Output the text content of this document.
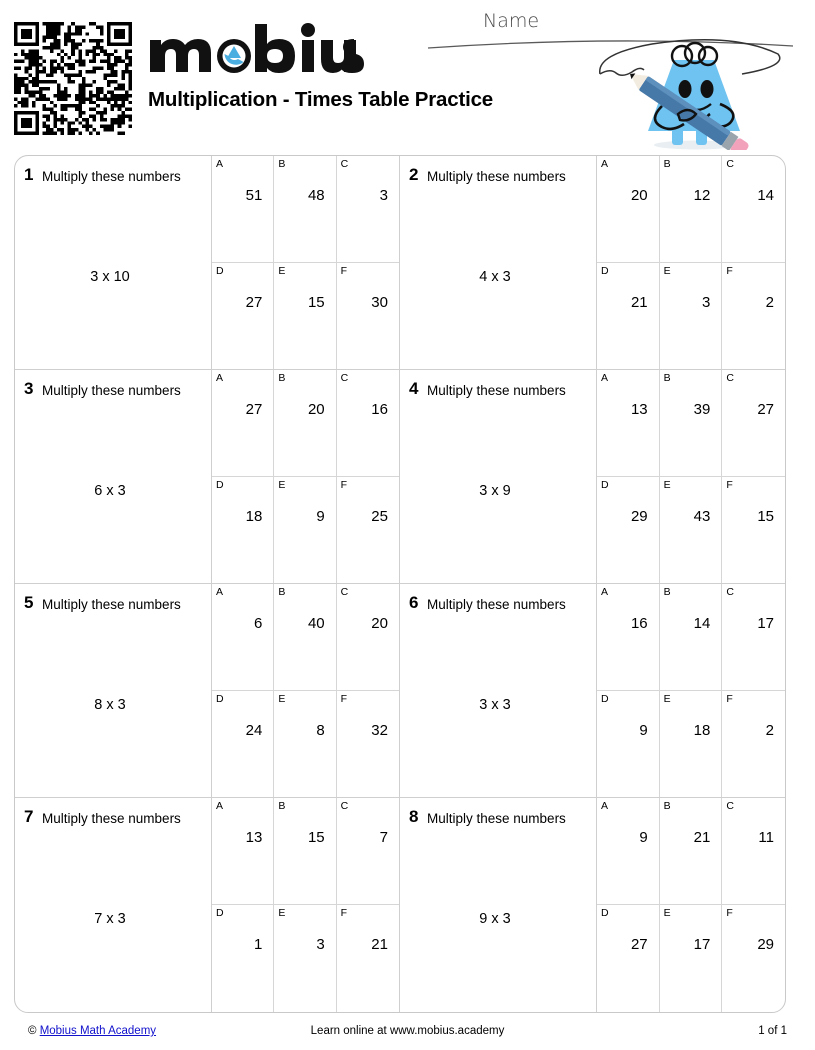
Multiplication - Times Table Practice
Name
1 Multiply these numbers
3 x 10
A
51
B
48
C
3
D
27
E
15
F
30
2 Multiply these numbers
4 x 3
A
20
B
12
C
14
D
21
E
3
F
2
3 Multiply these numbers
6 x 3
A
27
B
20
C
16
D
18
E
9
F
25
4 Multiply these numbers
3 x 9
A
13
B
39
C
27
D
29
E
43
F
15
5 Multiply these numbers
8 x 3
A
6
B
40
C
20
D
24
E
8
F
32
6 Multiply these numbers
3 x 3
A
16
B
14
C
17
D
9
E
18
F
2
7 Multiply these numbers
7 x 3
A
13
B
15
C
7
D
1
E
3
F
21
8 Multiply these numbers
9 x 3
A
9
B
21
C
11
D
27
E
17
F
29
© Mobius Math Academy	Learn online at www.mobius.academy	1 of 1
